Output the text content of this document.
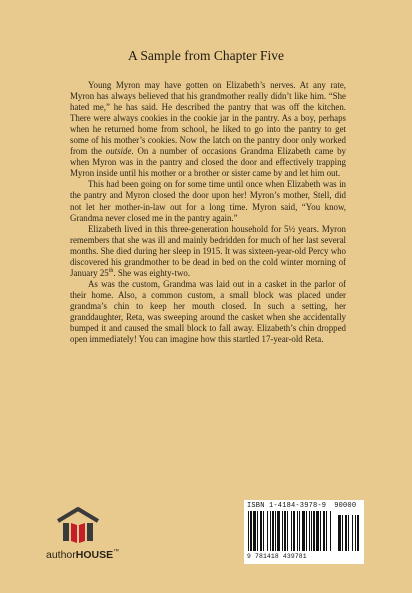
A Sample from Chapter Five

Young Myron may have gotten on Elizabeth’s nerves. At any rate, Myron has always believed that his grandmother really didn’t like him. “She hated me,” he has said. He described the pantry that was off the kitchen. There were always cookies in the cookie jar in the pantry. As a boy, perhaps when he returned home from school, he liked to go into the pantry to get some of his mother’s cookies. Now the latch on the pantry door only worked from the outside. On a number of occasions Grandma Elizabeth came by when Myron was in the pantry and closed the door and effectively trapping Myron inside until his mother or a brother or sister came by and let him out.

This had been going on for some time until once when Elizabeth was in the pantry and Myron closed the door upon her! Myron’s mother, Stell, did not let her mother-in-law out for a long time. Myron said, “You know, Grandma never closed me in the pantry again.”

Elizabeth lived in this three-generation household for 5½ years. Myron remembers that she was ill and mainly bedridden for much of her last several months. She died during her sleep in 1915. It was sixteen-year-old Percy who discovered his grandmother to be dead in bed on the cold winter morning of January 25th. She was eighty-two.

As was the custom, Grandma was laid out in a casket in the parlor of their home. Also, a common custom, a small block was placed under grandma’s chin to keep her mouth closed. In such a setting, her granddaughter, Reta, was sweeping around the casket when she accidentally bumped it and caused the small block to fall away. Elizabeth’s chin dropped open immediately! You can imagine how this startled 17-year-old Reta.

authorHOUSE™
ISBN 1-4184-3978-9 90000
9 781418 439781
